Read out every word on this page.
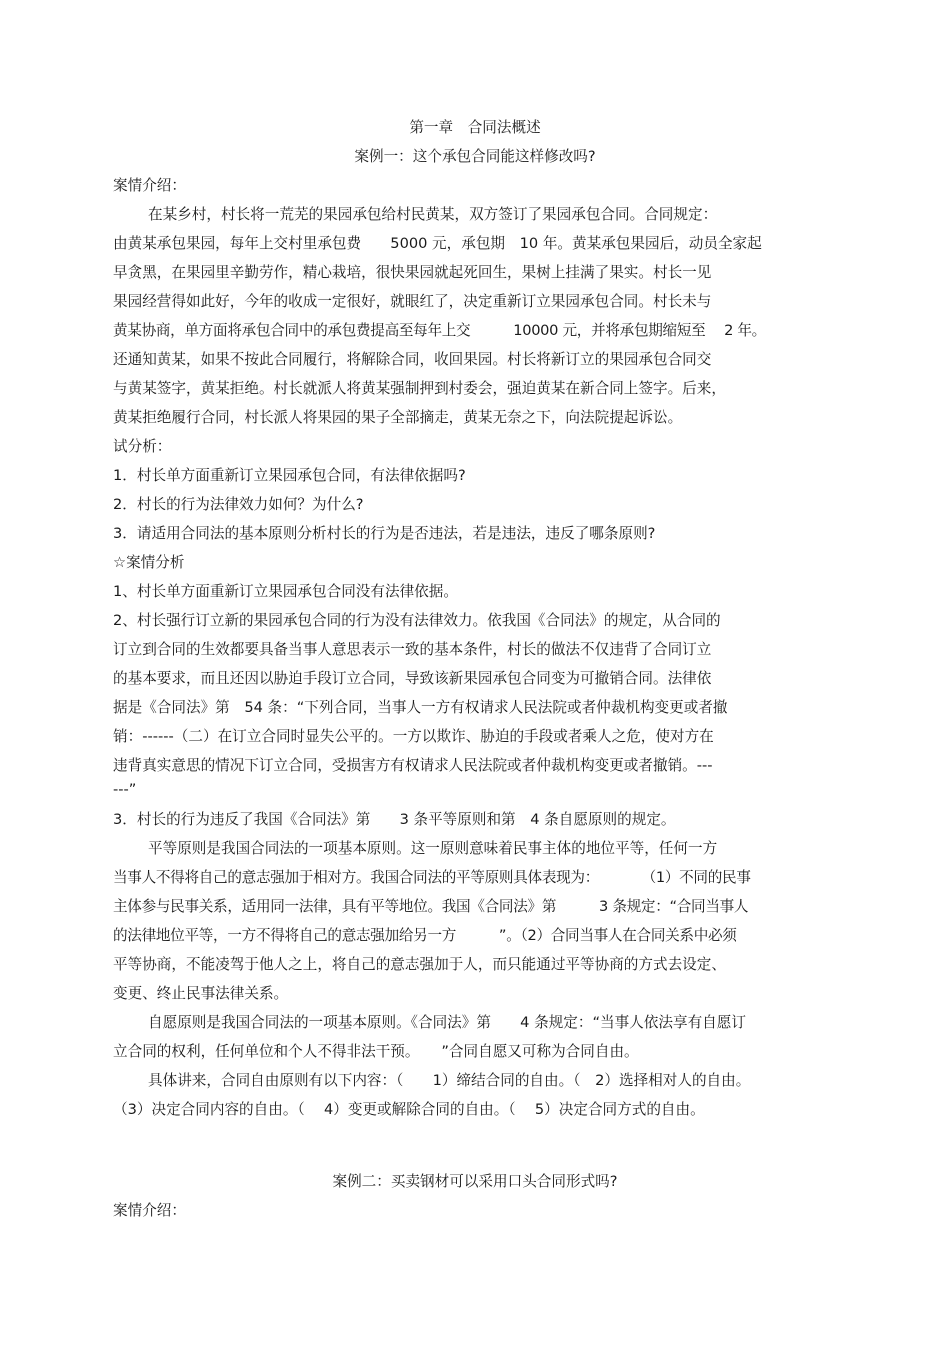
第一章　合同法概述

案例一：这个承包合同能这样修改吗?

案情介绍：

在某乡村，村长将一荒芜的果园承包给村民黄某，双方签订了果园承包合同。合同规定：

由黄某承包果园，每年上交村里承包费　　5000 元，承包期　10 年。黄某承包果园后，动员全家起

早贪黑，在果园里辛勤劳作，精心栽培，很快果园就起死回生，果树上挂满了果实。村长一见

果园经营得如此好，今年的收成一定很好，就眼红了，决定重新订立果园承包合同。村长未与

黄某协商，单方面将承包合同中的承包费提高至每年上交　　　10000 元，并将承包期缩短至　 2 年。

还通知黄某，如果不按此合同履行，将解除合同，收回果园。村长将新订立的果园承包合同交

与黄某签字，黄某拒绝。村长就派人将黄某强制押到村委会，强迫黄某在新合同上签字。后来，

黄某拒绝履行合同，村长派人将果园的果子全部摘走，黄某无奈之下，向法院提起诉讼。

试分析：

1．村长单方面重新订立果园承包合同，有法律依据吗?

2．村长的行为法律效力如何？为什么?

3．请适用合同法的基本原则分析村长的行为是否违法，若是违法，违反了哪条原则?

☆案情分析

1、村长单方面重新订立果园承包合同没有法律依据。

2、村长强行订立新的果园承包合同的行为没有法律效力。依我国《合同法》的规定，从合同的

订立到合同的生效都要具备当事人意思表示一致的基本条件，村长的做法不仅违背了合同订立

的基本要求，而且还因以胁迫手段订立合同，导致该新果园承包合同变为可撤销合同。法律依

据是《合同法》第　54 条：“下列合同，当事人一方有权请求人民法院或者仲裁机构变更或者撤

销：------（二）在订立合同时显失公平的。一方以欺诈、胁迫的手段或者乘人之危，使对方在

违背真实意思的情况下订立合同，受损害方有权请求人民法院或者仲裁机构变更或者撤销。---

---”

3．村长的行为违反了我国《合同法》第　　3 条平等原则和第　4 条自愿原则的规定。

平等原则是我国合同法的一项基本原则。这一原则意味着民事主体的地位平等，任何一方

当事人不得将自己的意志强加于相对方。我国合同法的平等原则具体表现为：　　　　（1）不同的民事

主体参与民事关系，适用同一法律，具有平等地位。我国《合同法》第　　　3 条规定：“合同当事人

的法律地位平等，一方不得将自己的意志强加给另一方　　　”。（2）合同当事人在合同关系中必须

平等协商，不能凌驾于他人之上，将自己的意志强加于人，而只能通过平等协商的方式去设定、

变更、终止民事法律关系。

自愿原则是我国合同法的一项基本原则。《合同法》第　　4 条规定：“当事人依法享有自愿订

立合同的权利，任何单位和个人不得非法干预。　　”合同自愿又可称为合同自由。

具体讲来，合同自由原则有以下内容：（　　1）缔结合同的自由。（　2）选择相对人的自由。

（3）决定合同内容的自由。（　 4）变更或解除合同的自由。（　 5）决定合同方式的自由。

案例二：买卖钢材可以采用口头合同形式吗?

案情介绍：
